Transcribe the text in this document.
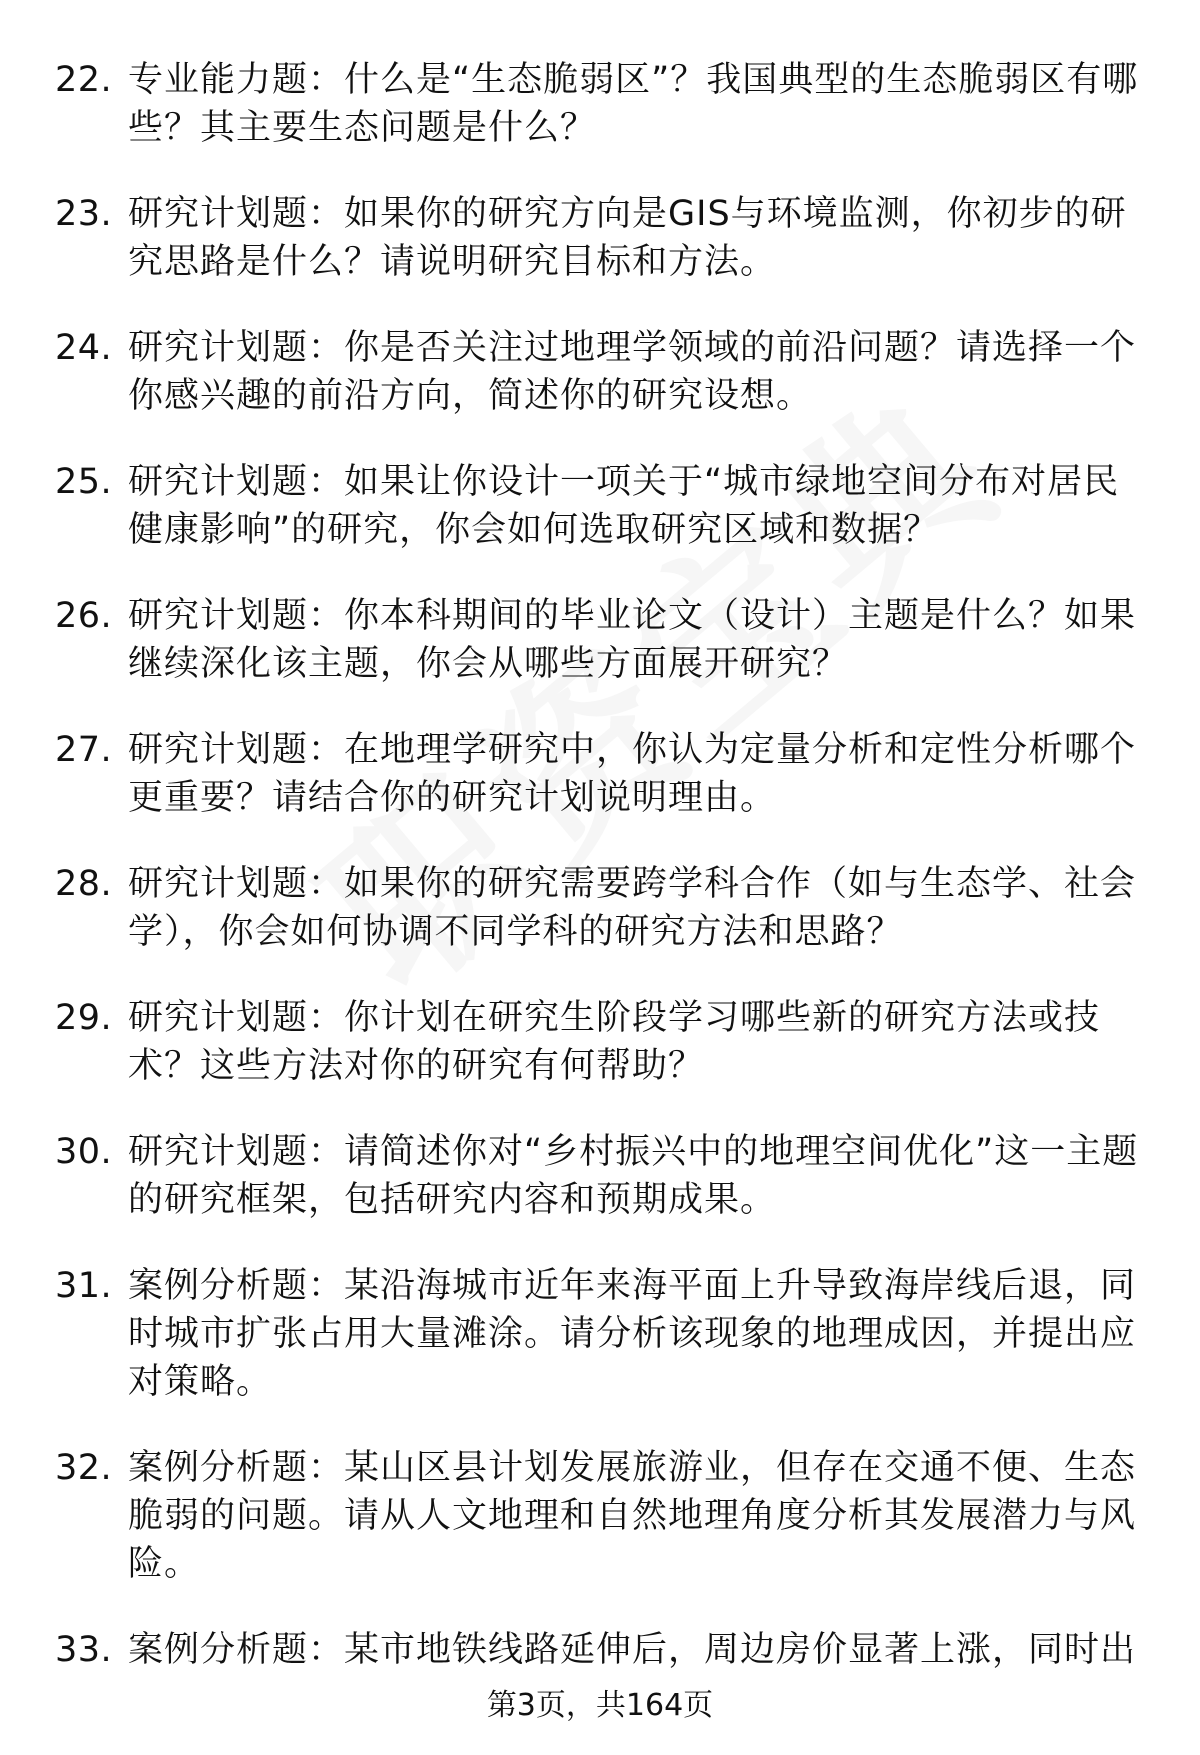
22. 专业能力题：什么是“生态脆弱区”？我国典型的生态脆弱区有哪些？其主要生态问题是什么？
23. 研究计划题：如果你的研究方向是GIS与环境监测，你初步的研究思路是什么？请说明研究目标和方法。
24. 研究计划题：你是否关注过地理学领域的前沿问题？请选择一个你感兴趣的前沿方向，简述你的研究设想。
25. 研究计划题：如果让你设计一项关于“城市绿地空间分布对居民健康影响”的研究，你会如何选取研究区域和数据？
26. 研究计划题：你本科期间的毕业论文（设计）主题是什么？如果继续深化该主题，你会从哪些方面展开研究？
27. 研究计划题：在地理学研究中，你认为定量分析和定性分析哪个更重要？请结合你的研究计划说明理由。
28. 研究计划题：如果你的研究需要跨学科合作（如与生态学、社会学），你会如何协调不同学科的研究方法和思路？
29. 研究计划题：你计划在研究生阶段学习哪些新的研究方法或技术？这些方法对你的研究有何帮助？
30. 研究计划题：请简述你对“乡村振兴中的地理空间优化”这一主题的研究框架，包括研究内容和预期成果。
31. 案例分析题：某沿海城市近年来海平面上升导致海岸线后退，同时城市扩张占用大量滩涂。请分析该现象的地理成因，并提出应对策略。
32. 案例分析题：某山区县计划发展旅游业，但存在交通不便、生态脆弱的问题。请从人文地理和自然地理角度分析其发展潜力与风险。
33. 案例分析题：某市地铁线路延伸后，周边房价显著上涨，同时出
第3页，共164页
